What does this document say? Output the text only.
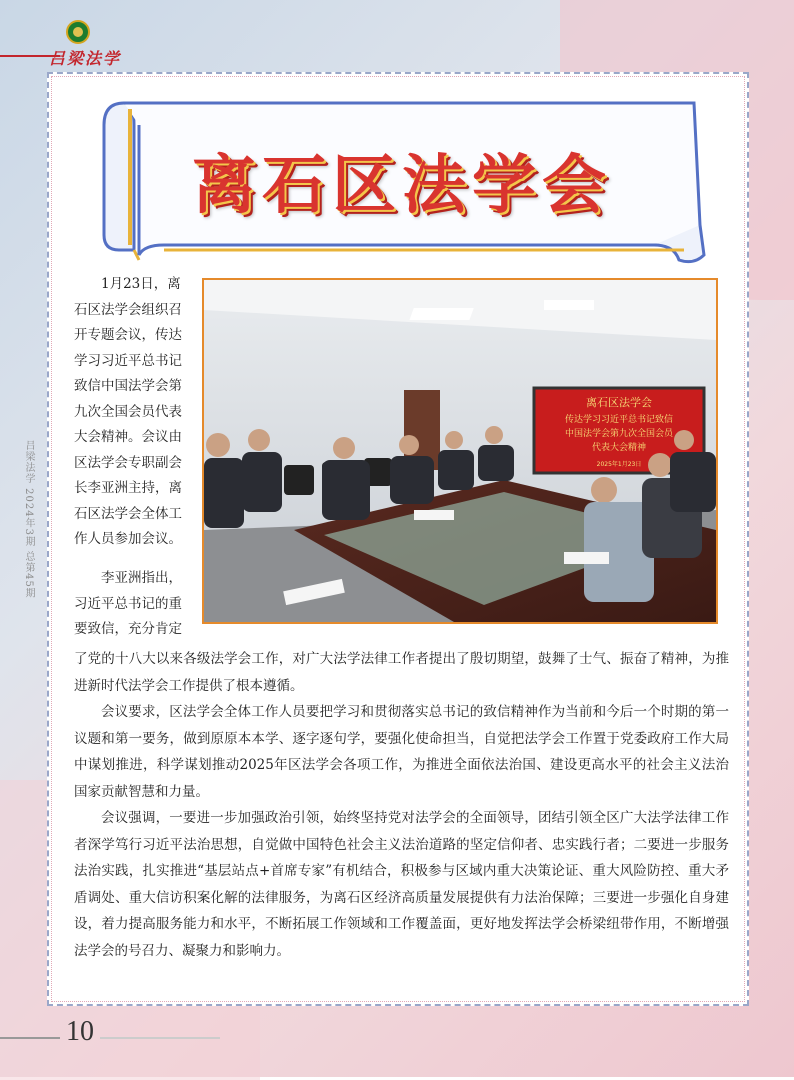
吕梁法学
吕梁法学 2024年3期 总第45期
离石区法学会

　　1月23日，离石区法学会组织召开专题会议，传达学习习近平总书记致信中国法学会第九次全国会员代表大会精神。会议由区法学会专职副会长李亚洲主持，离石区法学会全体工作人员参加会议。

　　李亚洲指出，习近平总书记的重要致信，充分肯定

离石区法学会
传达学习习近平总书记致信
中国法学会第九次全国会员
代表大会精神
2025年1月23日

了党的十八大以来各级法学会工作，对广大法学法律工作者提出了殷切期望，鼓舞了士气、振奋了精神，为推进新时代法学会工作提供了根本遵循。

会议要求，区法学会全体工作人员要把学习和贯彻落实总书记的致信精神作为当前和今后一个时期的第一议题和第一要务，做到原原本本学、逐字逐句学，要强化使命担当，自觉把法学会工作置于党委政府工作大局中谋划推进，科学谋划推动2025年区法学会各项工作，为推进全面依法治国、建设更高水平的社会主义法治国家贡献智慧和力量。

会议强调，一要进一步加强政治引领，始终坚持党对法学会的全面领导，团结引领全区广大法学法律工作者深学笃行习近平法治思想，自觉做中国特色社会主义法治道路的坚定信仰者、忠实践行者；二要进一步服务法治实践，扎实推进“基层站点+首席专家”有机结合，积极参与区域内重大决策论证、重大风险防控、重大矛盾调处、重大信访积案化解的法律服务，为离石区经济高质量发展提供有力法治保障；三要进一步强化自身建设，着力提高服务能力和水平，不断拓展工作领域和工作覆盖面，更好地发挥法学会桥梁纽带作用，不断增强法学会的号召力、凝聚力和影响力。

10
